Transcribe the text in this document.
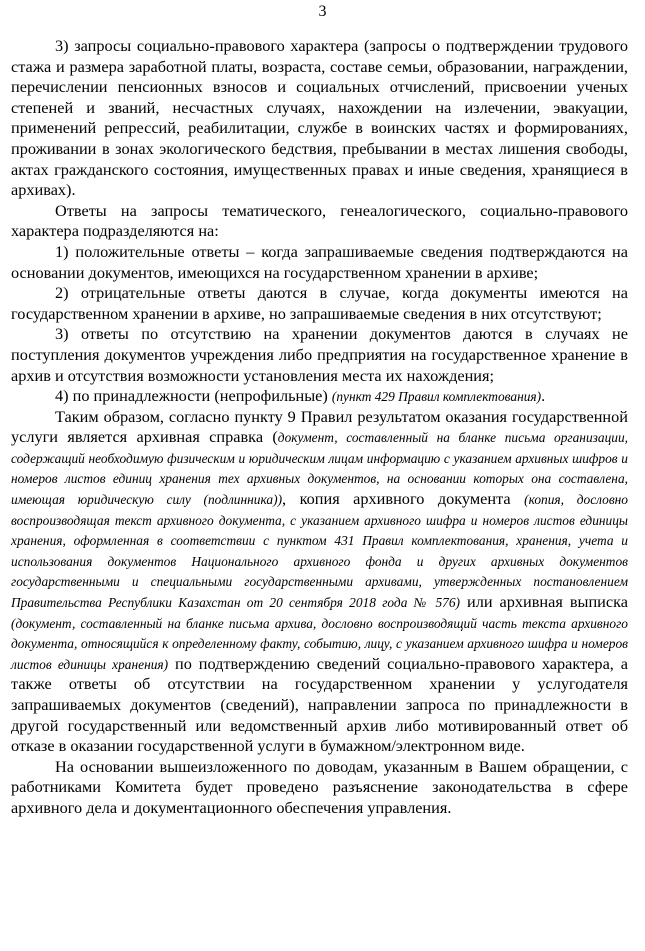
3

3) запросы социально-правового характера (запросы о подтверждении трудового стажа и размера заработной платы, возраста, составе семьи, образовании, награждении, перечислении пенсионных взносов и социальных отчислений, присвоении ученых степеней и званий, несчастных случаях, нахождении на излечении, эвакуации, применений репрессий, реабилитации, службе в воинских частях и формированиях, проживании в зонах экологического бедствия, пребывании в местах лишения свободы, актах гражданского состояния, имущественных правах и иные сведения, хранящиеся в архивах).

Ответы на запросы тематического, генеалогического, социально-правового характера подразделяются на:

1) положительные ответы – когда запрашиваемые сведения подтверждаются на основании документов, имеющихся на государственном хранении в архиве;

2) отрицательные ответы даются в случае, когда документы имеются на государственном хранении в архиве, но запрашиваемые сведения в них отсутствуют;

3) ответы по отсутствию на хранении документов даются в случаях не поступления документов учреждения либо предприятия на государственное хранение в архив и отсутствия возможности установления места их нахождения;

4) по принадлежности (непрофильные) (пункт 429 Правил комплектования).

Таким образом, согласно пункту 9 Правил результатом оказания государственной услуги является архивная справка (документ, составленный на бланке письма организации, содержащий необходимую физическим и юридическим лицам информацию с указанием архивных шифров и номеров листов единиц хранения тех архивных документов, на основании которых она составлена, имеющая юридическую силу (подлинника)), копия архивного документа (копия, дословно воспроизводящая текст архивного документа, с указанием архивного шифра и номеров листов единицы хранения, оформленная в соответствии с пунктом 431 Правил комплектования, хранения, учета и использования документов Национального архивного фонда и других архивных документов государственными и специальными государственными архивами, утвержденных постановлением Правительства Республики Казахстан от 20 сентября 2018 года № 576) или архивная выписка (документ, составленный на бланке письма архива, дословно воспроизводящий часть текста архивного документа, относящийся к определенному факту, событию, лицу, с указанием архивного шифра и номеров листов единицы хранения) по подтверждению сведений социально-правового характера, а также ответы об отсутствии на государственном хранении у услугодателя запрашиваемых документов (сведений), направлении запроса по принадлежности в другой государственный или ведомственный архив либо мотивированный ответ об отказе в оказании государственной услуги в бумажном/электронном виде.

На основании вышеизложенного по доводам, указанным в Вашем обращении, с работниками Комитета будет проведено разъяснение законодательства в сфере архивного дела и документационного обеспечения управления.
